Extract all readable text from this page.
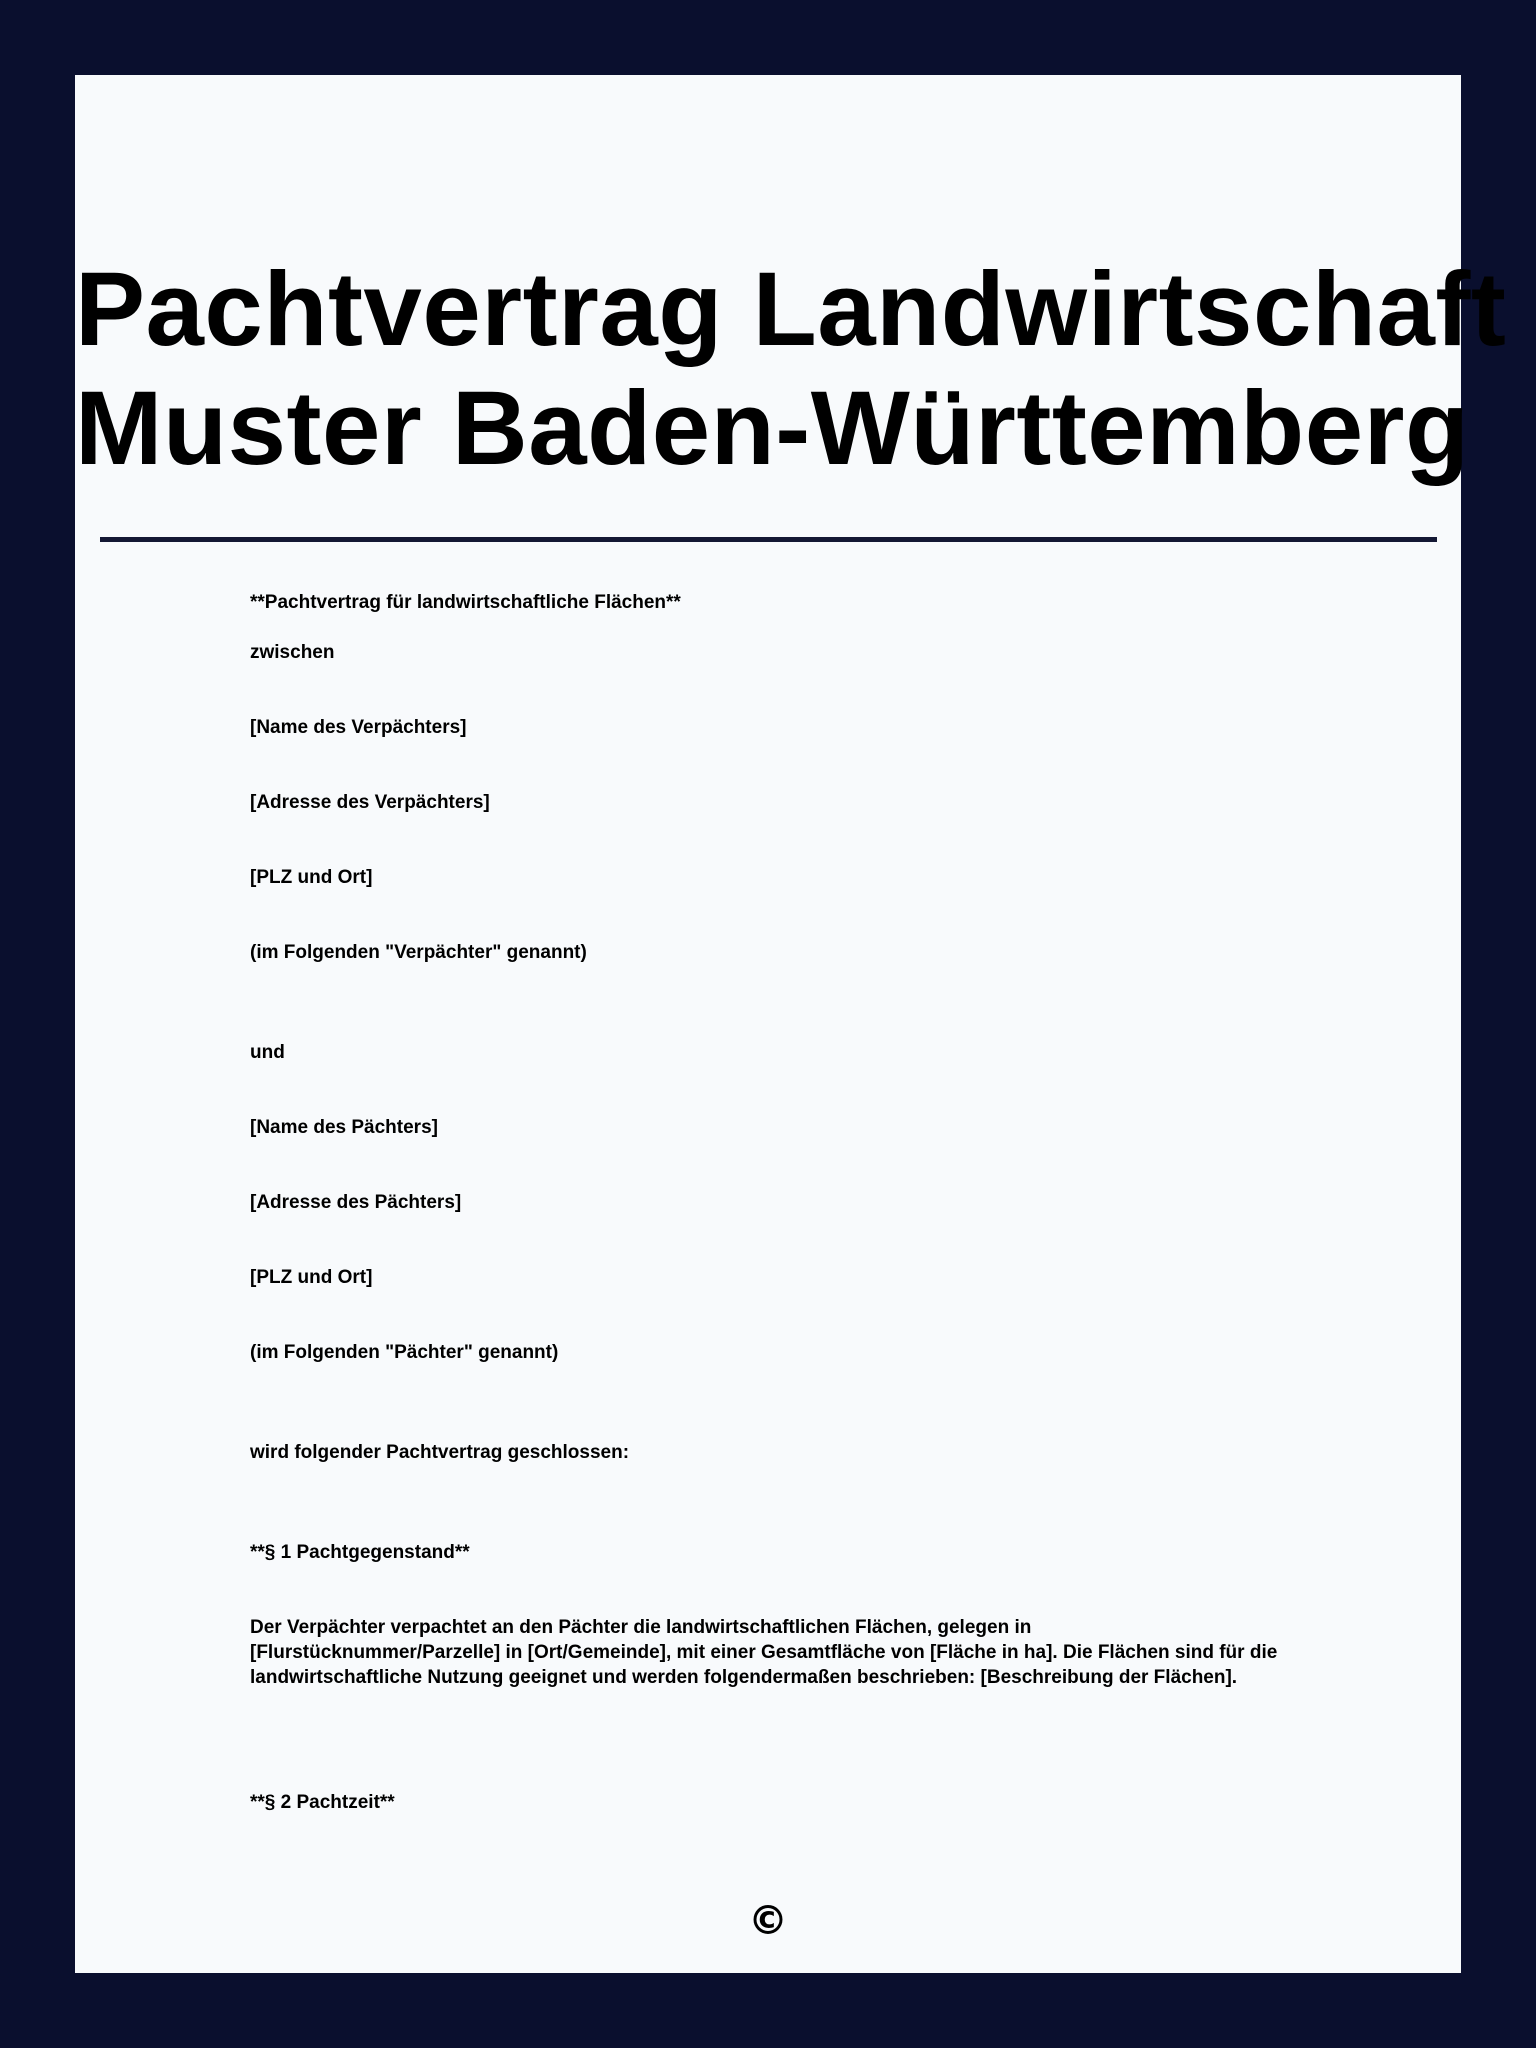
Pachtvertrag Landwirtschaft
Muster Baden-Württemberg

**Pachtvertrag für landwirtschaftliche Flächen**

zwischen

[Name des Verpächters]

[Adresse des Verpächters]

[PLZ und Ort]

(im Folgenden "Verpächter" genannt)

und

[Name des Pächters]

[Adresse des Pächters]

[PLZ und Ort]

(im Folgenden "Pächter" genannt)

wird folgender Pachtvertrag geschlossen:

**§ 1 Pachtgegenstand**

Der Verpächter verpachtet an den Pächter die landwirtschaftlichen Flächen, gelegen in [Flurstücknummer/Parzelle] in [Ort/Gemeinde], mit einer Gesamtfläche von [Fläche in ha]. Die Flächen sind für die landwirtschaftliche Nutzung geeignet und werden folgendermaßen beschrieben: [Beschreibung der Flächen].

**§ 2 Pachtzeit**

©
